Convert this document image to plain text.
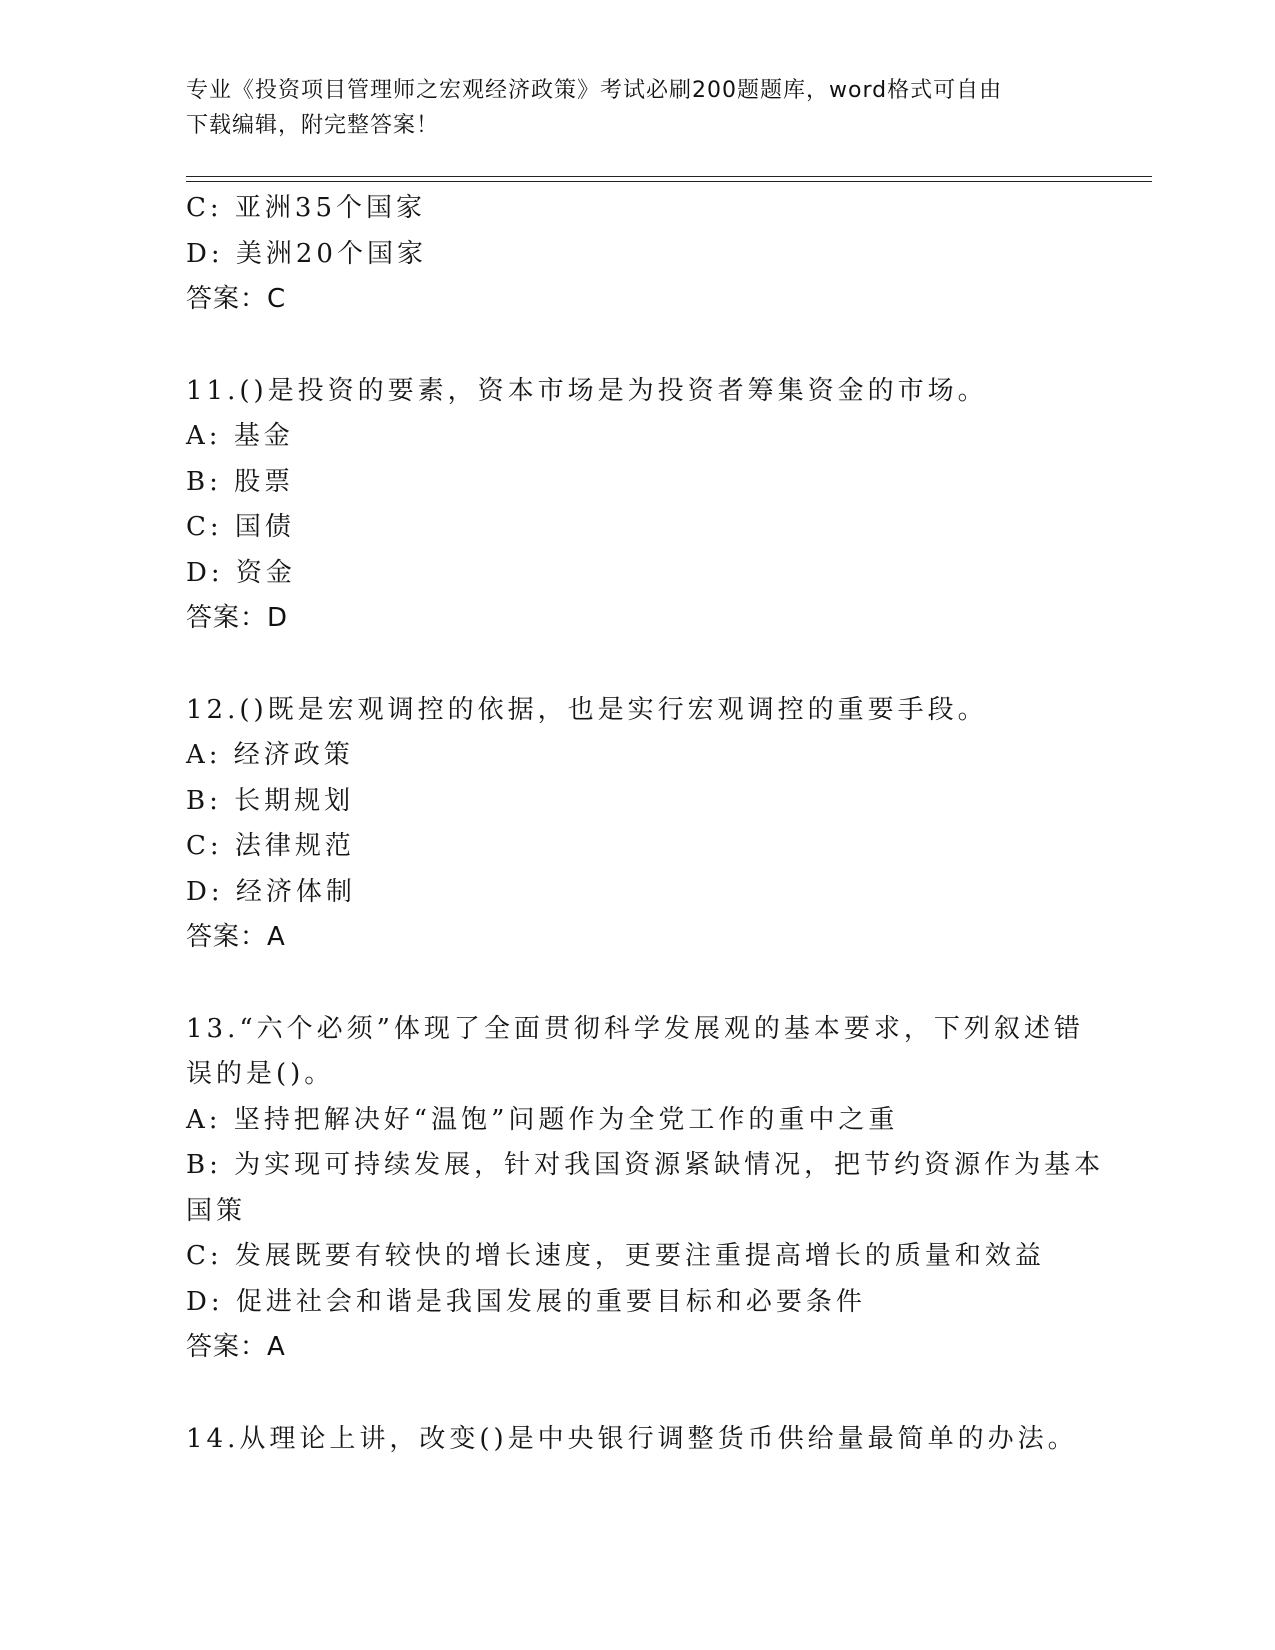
专业《投资项目管理师之宏观经济政策》考试必刷200题题库，word格式可自由
下载编辑，附完整答案！
C: 亚洲35个国家
D: 美洲20个国家
答案：C
11.()是投资的要素，资本市场是为投资者筹集资金的市场。
A: 基金
B: 股票
C: 国债
D: 资金
答案：D
12.()既是宏观调控的依据，也是实行宏观调控的重要手段。
A: 经济政策
B: 长期规划
C: 法律规范
D: 经济体制
答案：A
13.“六个必须”体现了全面贯彻科学发展观的基本要求，下列叙述错
误的是()。
A: 坚持把解决好“温饱”问题作为全党工作的重中之重
B: 为实现可持续发展，针对我国资源紧缺情况，把节约资源作为基本
国策
C: 发展既要有较快的增长速度，更要注重提高增长的质量和效益
D: 促进社会和谐是我国发展的重要目标和必要条件
答案：A
14.从理论上讲，改变()是中央银行调整货币供给量最简单的办法。
